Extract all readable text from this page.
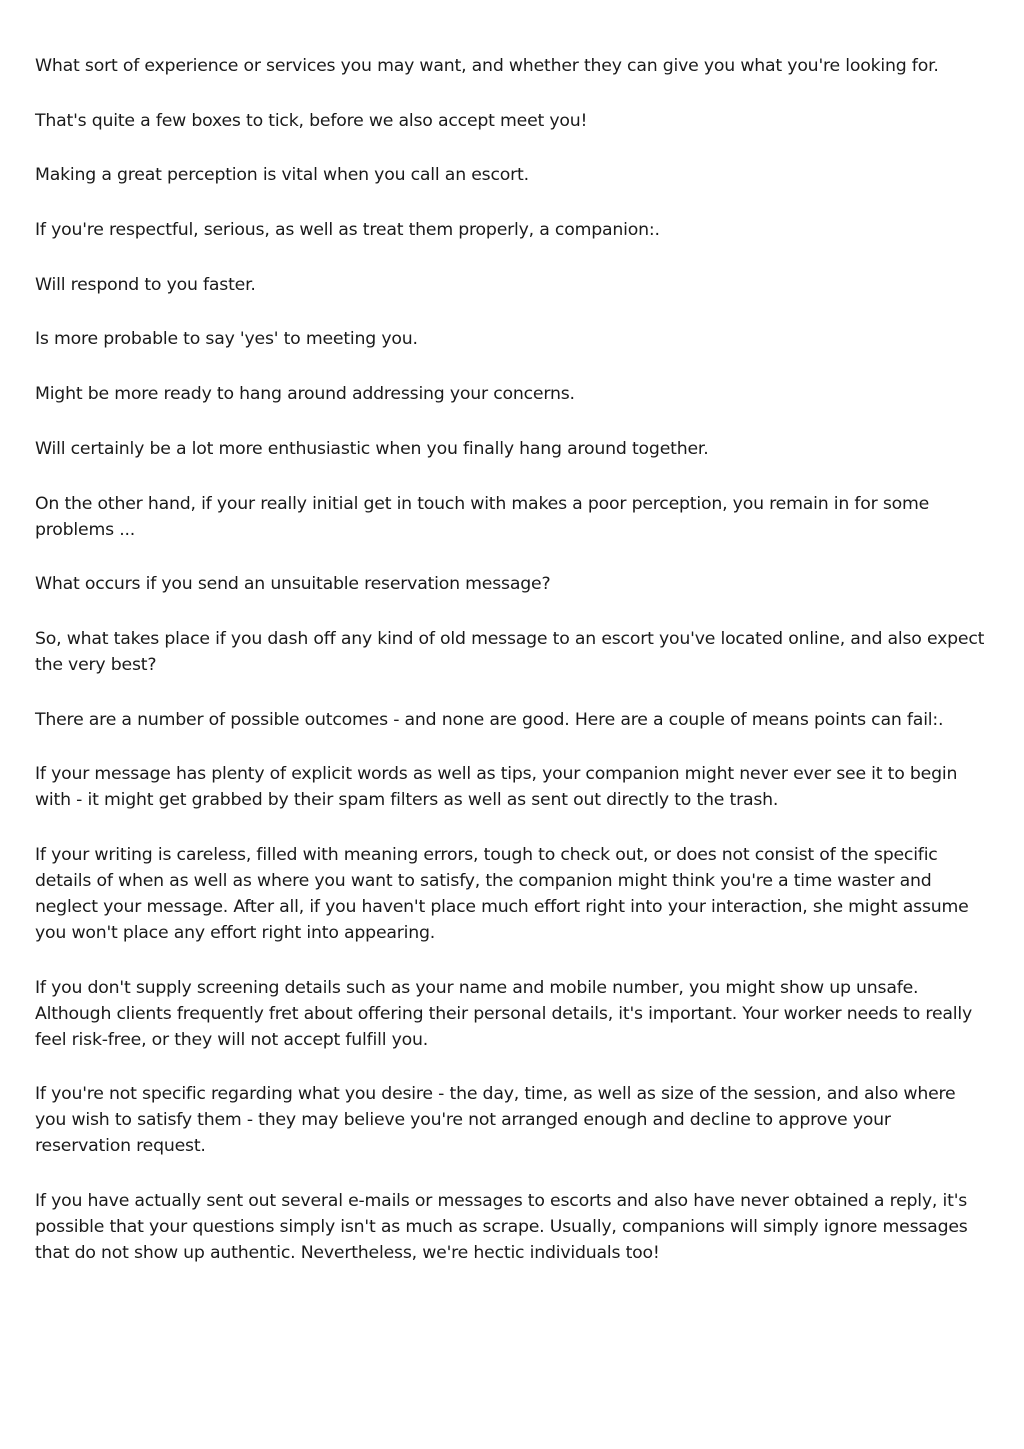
What sort of experience or services you may want, and whether they can give you what you're looking for.

That's quite a few boxes to tick, before we also accept meet you!

Making a great perception is vital when you call an escort.

If you're respectful, serious, as well as treat them properly, a companion:.

Will respond to you faster.

Is more probable to say 'yes' to meeting you.

Might be more ready to hang around addressing your concerns.

Will certainly be a lot more enthusiastic when you finally hang around together.

On the other hand, if your really initial get in touch with makes a poor perception, you remain in for some problems ...

What occurs if you send an unsuitable reservation message?

So, what takes place if you dash off any kind of old message to an escort you've located online, and also expect the very best?

There are a number of possible outcomes - and none are good. Here are a couple of means points can fail:.

If your message has plenty of explicit words as well as tips, your companion might never ever see it to begin with - it might get grabbed by their spam filters as well as sent out directly to the trash.

If your writing is careless, filled with meaning errors, tough to check out, or does not consist of the specific details of when as well as where you want to satisfy, the companion might think you're a time waster and neglect your message. After all, if you haven't place much effort right into your interaction, she might assume you won't place any effort right into appearing.

If you don't supply screening details such as your name and mobile number, you might show up unsafe. Although clients frequently fret about offering their personal details, it's important. Your worker needs to really feel risk-free, or they will not accept fulfill you.

If you're not specific regarding what you desire - the day, time, as well as size of the session, and also where you wish to satisfy them - they may believe you're not arranged enough and decline to approve your reservation request.

If you have actually sent out several e-mails or messages to escorts and also have never obtained a reply, it's possible that your questions simply isn't as much as scrape. Usually, companions will simply ignore messages that do not show up authentic. Nevertheless, we're hectic individuals too!
